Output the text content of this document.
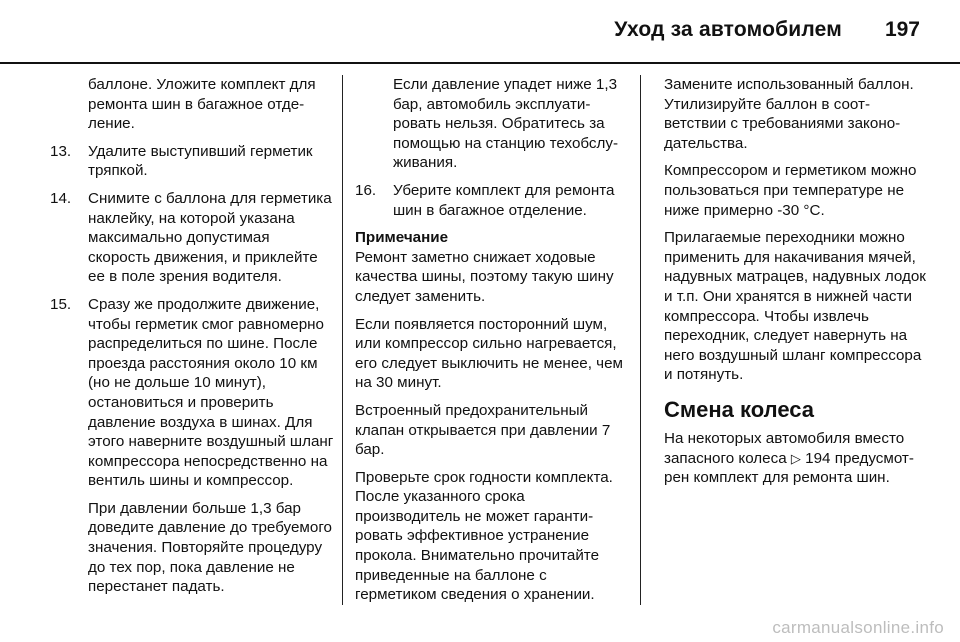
Уход за автомобилем 197

баллоне. Уложите комплект для ремонта шин в багажное отделение.

13.	Удалите выступивший герметик тряпкой.
14.	Снимите с баллона для герметика наклейку, на которой указана максимально допустимая скорость движения, и приклейте ее в поле зрения водителя.
15.	Сразу же продолжите движение, чтобы герметик смог равномерно распределиться по шине. После проезда расстояния около 10 км (но не дольше 10 минут), остановиться и проверить давление воздуха в шинах. Для этого наверните воздушный шланг компрессора непосредственно на вентиль шины и компрессор.

При давлении больше 1,3 бар доведите давление до требуемого значения. Повторяйте процедуру до тех пор, пока давление не перестанет падать.

Если давление упадет ниже 1,3 бар, автомобиль эксплуатировать нельзя. Обратитесь за помощью на станцию техобслуживания.

16.	Уберите комплект для ремонта шин в багажное отделение.
Примечание

Ремонт заметно снижает ходовые качества шины, поэтому такую шину следует заменить.

Если появляется посторонний шум, или компрессор сильно нагревается, его следует выключить не менее, чем на 30 минут.

Встроенный предохранительный клапан открывается при давлении 7 бар.

Проверьте срок годности комплекта. После указанного срока производитель не может гарантировать эффективное устранение прокола. Внимательно прочитайте приведенные на баллоне с герметиком сведения о хранении.

Замените использованный баллон. Утилизируйте баллон в соответствии с требованиями законодательства.

Компрессором и герметиком можно пользоваться при температуре не ниже примерно -30 °C.

Прилагаемые переходники можно применить для накачивания мячей, надувных матрацев, надувных лодок и т.п. Они хранятся в нижней части компрессора. Чтобы извлечь переходник, следует навернуть на него воздушный шланг компрессора и потянуть.

Смена колеса

На некоторых автомобиля вместо запасного колеса ▷ 194 предусмотрен комплект для ремонта шин.

carmanualsonline.info
